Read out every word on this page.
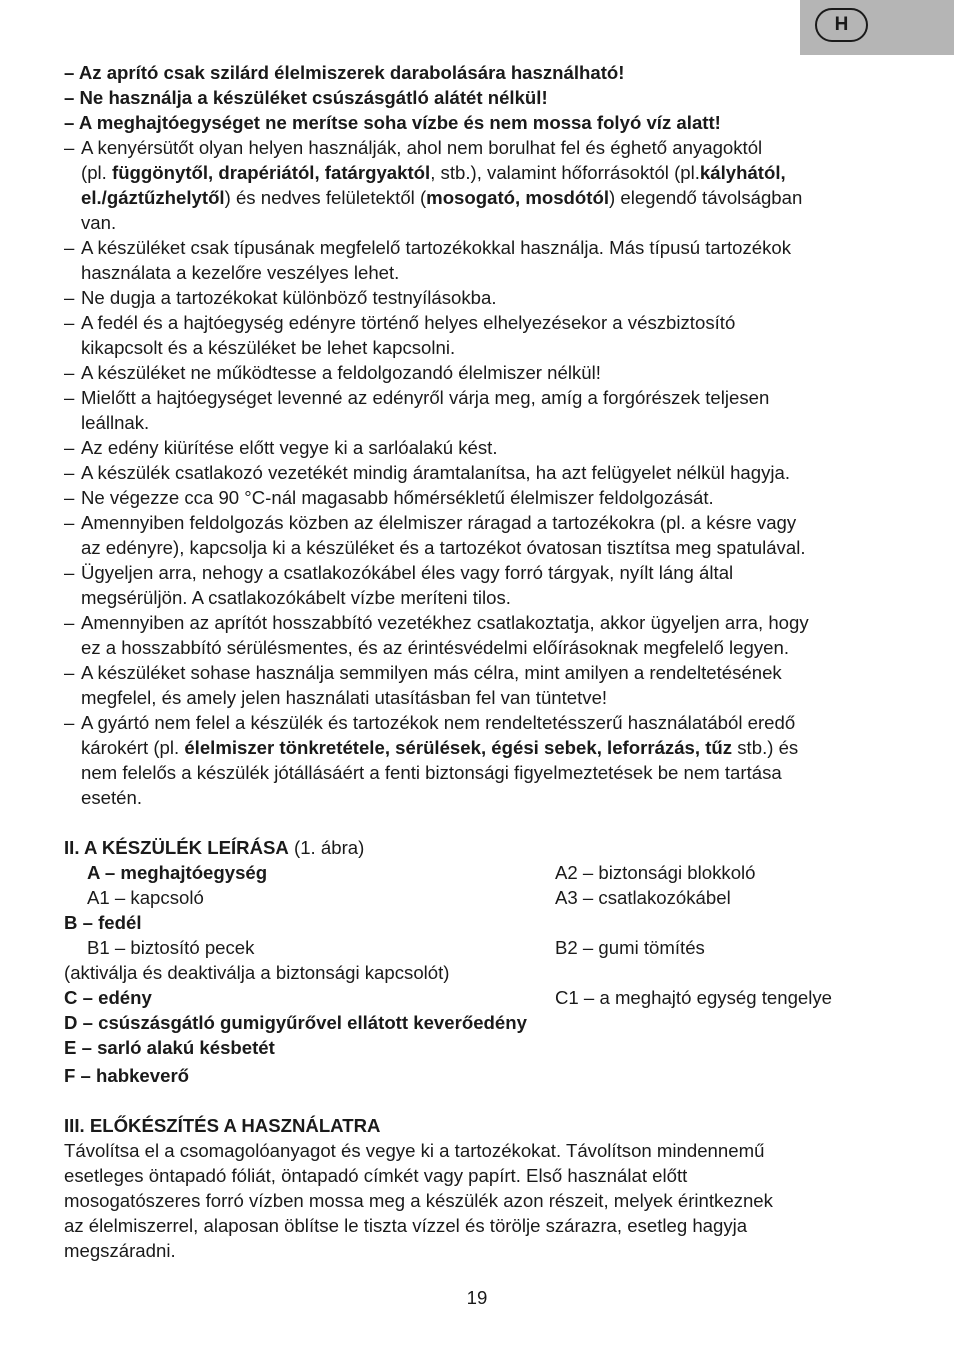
H
– Az aprító csak szilárd élelmiszerek darabolására használható!
– Ne használja a készüléket csúszásgátló alátét nélkül!
– A meghajtóegységet ne merítse soha vízbe és nem mossa folyó víz alatt!
– A kenyérsütőt olyan helyen használják, ahol nem borulhat fel és éghető anyagoktól
(pl. függönytől, drapériától, fatárgyaktól, stb.), valamint hőforrásoktól (pl.kályhától,
el./gáztűzhelytől) és nedves felületektől (mosogató, mosdótól) elegendő távolságban
van.
– A készüléket csak típusának megfelelő tartozékokkal használja. Más típusú tartozékok
használata a kezelőre veszélyes lehet.
– Ne dugja a tartozékokat különböző testnyílásokba.
– A fedél és a hajtóegység edényre történő helyes elhelyezésekor a vészbiztosító
kikapcsolt és a készüléket be lehet kapcsolni.
– A készüléket ne működtesse a feldolgozandó élelmiszer nélkül!
– Mielőtt a hajtóegységet levenné az edényről várja meg, amíg a forgórészek teljesen
leállnak.
– Az edény kiürítése előtt vegye ki a sarlóalakú kést.
– A készülék csatlakozó vezetékét mindig áramtalanítsa, ha azt felügyelet nélkül hagyja.
– Ne végezze cca 90 °C-nál magasabb hőmérsékletű élelmiszer feldolgozását.
– Amennyiben feldolgozás közben az élelmiszer ráragad a tartozékokra (pl. a késre vagy
az edényre), kapcsolja ki a készüléket és a tartozékot óvatosan tisztítsa meg spatulával.
– Ügyeljen arra, nehogy a csatlakozókábel éles vagy forró tárgyak, nyílt láng által
megsérüljön. A csatlakozókábelt vízbe meríteni tilos.
– Amennyiben az aprítót hosszabbító vezetékhez csatlakoztatja, akkor ügyeljen arra, hogy
ez a hosszabbító sérülésmentes, és az érintésvédelmi előírásoknak megfelelő legyen.
– A készüléket sohase használja semmilyen más célra, mint amilyen a rendeltetésének
megfelel, és amely jelen használati utasításban fel van tüntetve!
– A gyártó nem felel a készülék és tartozékok nem rendeltetésszerű használatából eredő
károkért (pl. élelmiszer tönkretétele, sérülések, égési sebek, leforrázás, tűz stb.) és
nem felelős a készülék jótállásáért a fenti biztonsági figyelmeztetések be nem tartása
esetén.
II. A KÉSZÜLÉK LEÍRÁSA (1. ábra)
A – meghajtóegység	A2 – biztonsági blokkoló
A1 – kapcsoló	A3 – csatlakozókábel
B – fedél
B1 – biztosító pecek	B2 – gumi tömítés
(aktiválja és deaktiválja a biztonsági kapcsolót)
C – edény	C1 – a meghajtó egység tengelye
D – csúszásgátló gumigyűrővel ellátott keverőedény
E – sarló alakú késbetét
F – habkeverő
III. ELŐKÉSZÍTÉS A HASZNÁLATRA
Távolítsa el a csomagolóanyagot és vegye ki a tartozékokat. Távolítson mindennemű
esetleges öntapadó fóliát, öntapadó címkét vagy papírt. Első használat előtt
mosogatószeres forró vízben mossa meg a készülék azon részeit, melyek érintkeznek
az élelmiszerrel, alaposan öblítse le tiszta vízzel és törölje szárazra, esetleg hagyja
megszáradni.
19
